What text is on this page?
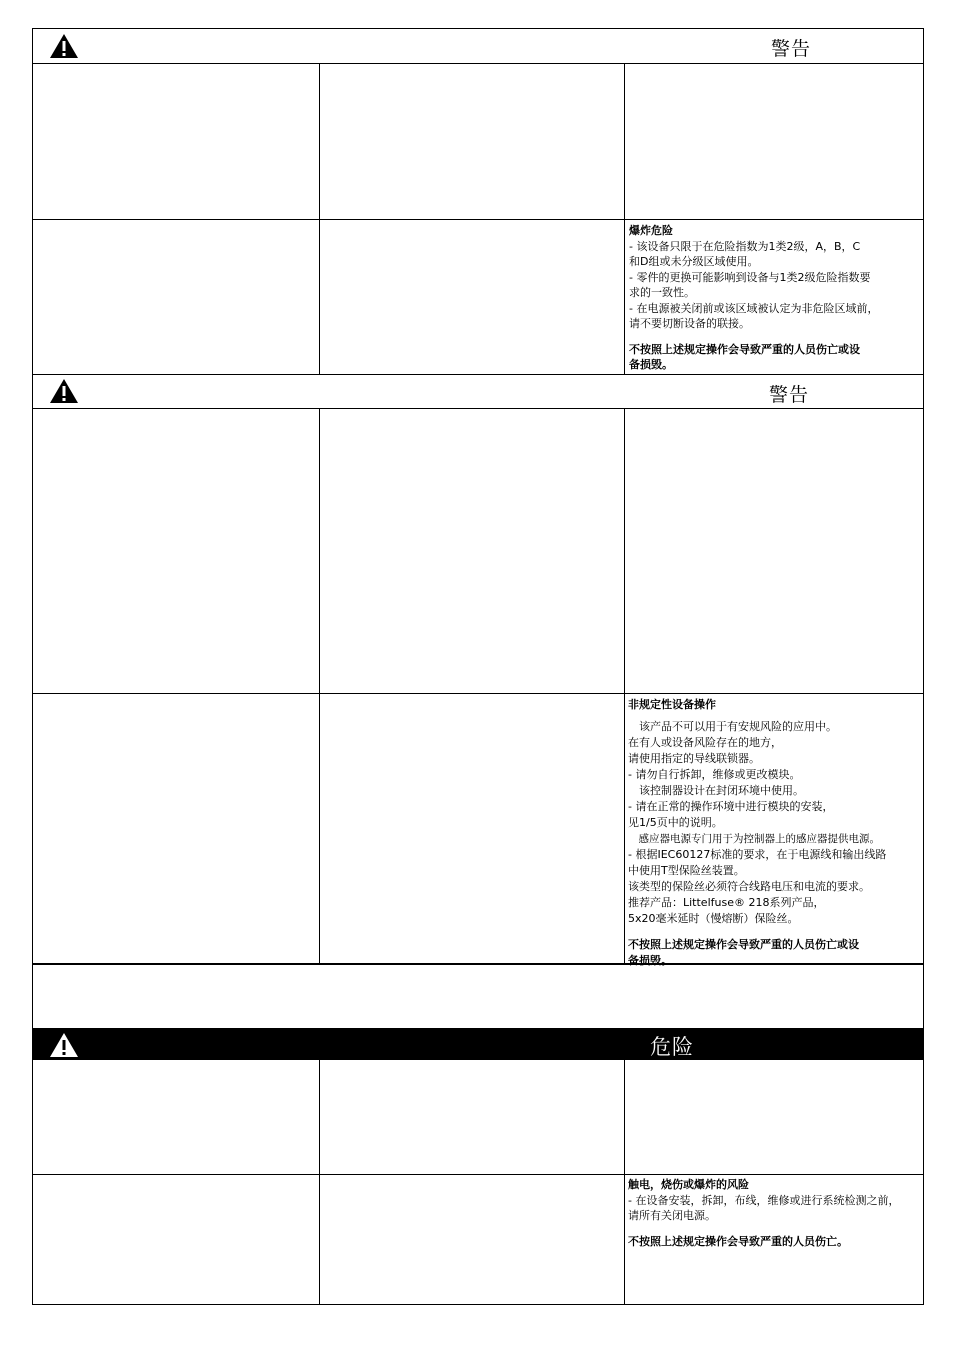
警告
爆炸危险
- 该设备只限于在危险指数为1类2级，A，B，C
和D组或未分级区域使用。
- 零件的更换可能影响到设备与1类2级危险指数要
求的一致性。
- 在电源被关闭前或该区域被认定为非危险区域前，
请不要切断设备的联接。
不按照上述规定操作会导致严重的人员伤亡或设
备损毁。
警告
非规定性设备操作
　该产品不可以用于有安规风险的应用中。
在有人或设备风险存在的地方，
请使用指定的导线联锁器。
- 请勿自行拆卸，维修或更改模块。
　该控制器设计在封闭环境中使用。
- 请在正常的操作环境中进行模块的安装，
见1/5页中的说明。
　感应器电源专门用于为控制器上的感应器提供电源。
- 根据IEC60127标准的要求，在于电源线和输出线路
中使用T型保险丝装置。
该类型的保险丝必须符合线路电压和电流的要求。
推荐产品：Littelfuse® 218系列产品，
5x20毫米延时（慢熔断）保险丝。
不按照上述规定操作会导致严重的人员伤亡或设
备损毁。
危险
触电，烧伤或爆炸的风险
- 在设备安装，拆卸，布线，维修或进行系统检测之前，
请所有关闭电源。
不按照上述规定操作会导致严重的人员伤亡。
